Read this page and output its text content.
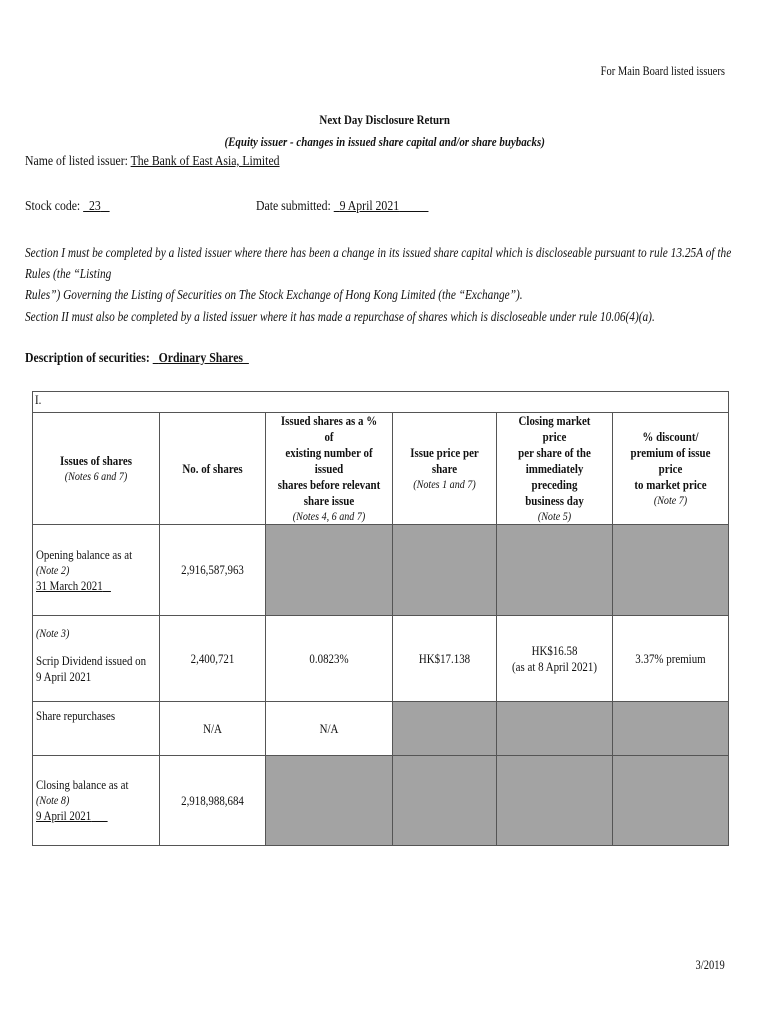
For Main Board listed issuers
Next Day Disclosure Return
(Equity issuer - changes in issued share capital and/or share buybacks)
Name of listed issuer: The Bank of East Asia, Limited
Stock code: 23	Date submitted: 9 April 2021
Section I must be completed by a listed issuer where there has been a change in its issued share capital which is discloseable pursuant to rule 13.25A of the Rules (the “Listing
Rules”) Governing the Listing of Securities on The Stock Exchange of Hong Kong Limited (the “Exchange”).
Section II must also be completed by a listed issuer where it has made a repurchase of shares which is discloseable under rule 10.06(4)(a).
Description of securities: Ordinary Shares
I.					

Issues of shares
(Notes 6 and 7)	No. of shares	Issued shares as a % of
existing number of issued
shares before relevant
share issue
(Notes 4, 6 and 7)	Issue price per share
(Notes 1 and 7)	Closing market price
per share of the
immediately preceding
business day
(Note 5)	% discount/
premium of issue price
to market price
(Note 7)

Opening balance as at
(Note 2)
31 March 2021	2,916,587,963				

(Note 3)
Scrip Dividend issued on
9 April 2021	2,400,721	0.0823%	HK$17.138	HK$16.58
(as at 8 April 2021)	3.37% premium

Share repurchases	N/A	N/A			

Closing balance as at
(Note 8)
9 April 2021	2,918,988,684				

3/2019
